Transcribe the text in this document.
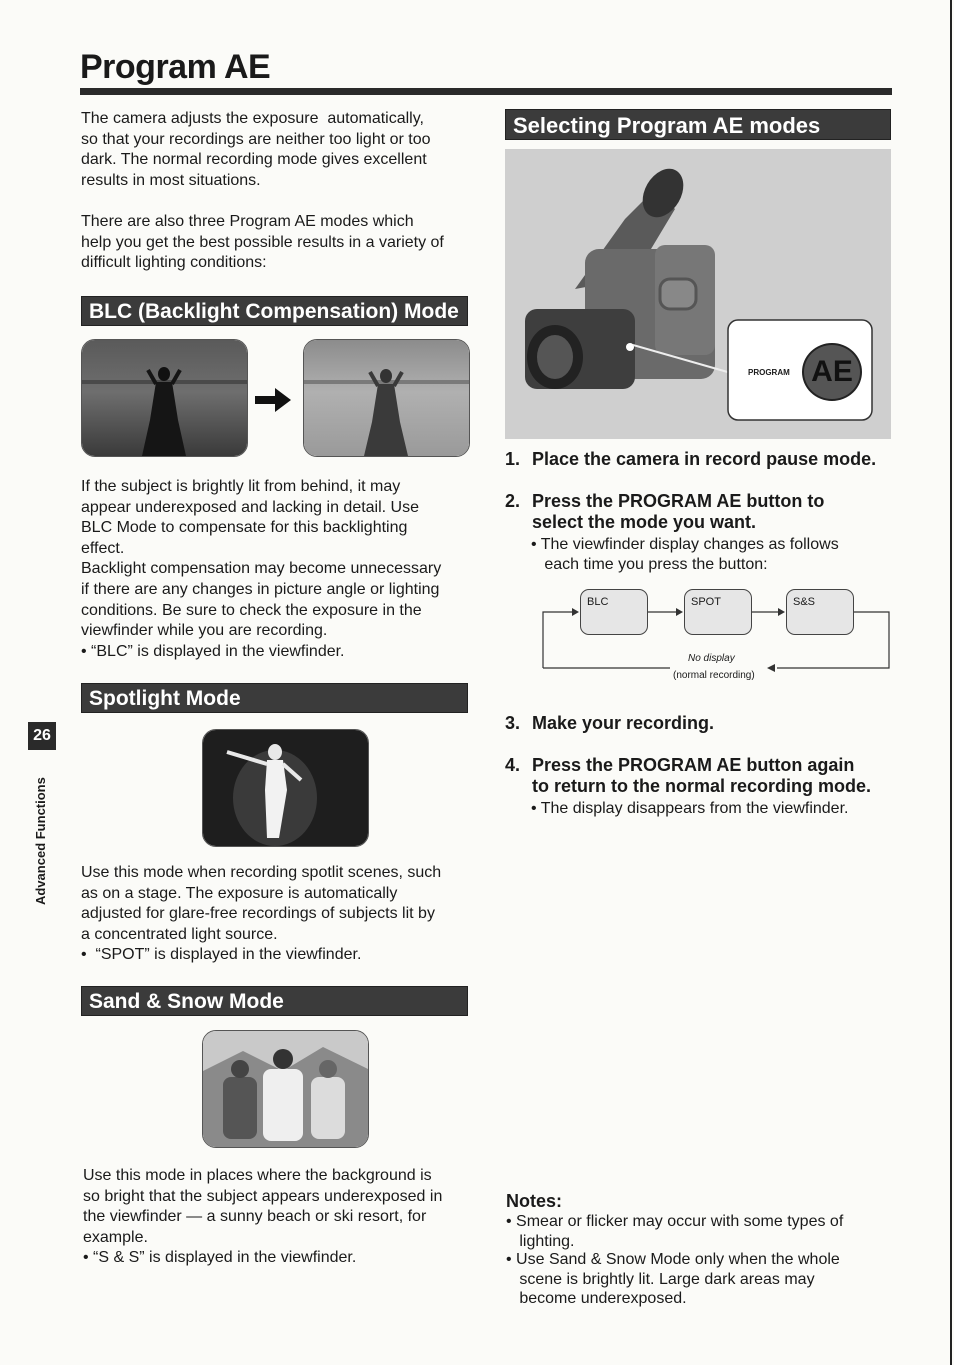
Program AE
26
Advanced Functions
The camera adjusts the exposure  automatically,
so that your recordings are neither too light or too
dark. The normal recording mode gives excellent
results in most situations.
There are also three Program AE modes which
help you get the best possible results in a variety of
difficult lighting conditions:
BLC (Backlight Compensation) Mode
If the subject is brightly lit from behind, it may
appear underexposed and lacking in detail. Use
BLC Mode to compensate for this backlighting
effect.
Backlight compensation may become unnecessary
if there are any changes in picture angle or lighting
conditions. Be sure to check the exposure in the
viewfinder while you are recording.
• “BLC” is displayed in the viewfinder.
Spotlight Mode
Use this mode when recording spotlit scenes, such
as on a stage. The exposure is automatically
adjusted for glare-free recordings of subjects lit by
a concentrated light source.
•  “SPOT” is displayed in the viewfinder.
Sand & Snow Mode
Use this mode in places where the background is
so bright that the subject appears underexposed in
the viewfinder — a sunny beach or ski resort, for
example.
• “S & S” is displayed in the viewfinder.
Selecting Program AE modes
PROGRAM AE
1. Place the camera in record pause mode.
2. Press the PROGRAM AE button to
select the mode you want.
• The viewfinder display changes as follows
each time you press the button:
BLC	SPOT	S&S
No display
(normal recording)
3. Make your recording.
4. Press the PROGRAM AE button again
to return to the normal recording mode.
• The display disappears from the viewfinder.
Notes:
• Smear or flicker may occur with some types of
lighting.
• Use Sand & Snow Mode only when the whole
scene is brightly lit. Large dark areas may
become underexposed.
